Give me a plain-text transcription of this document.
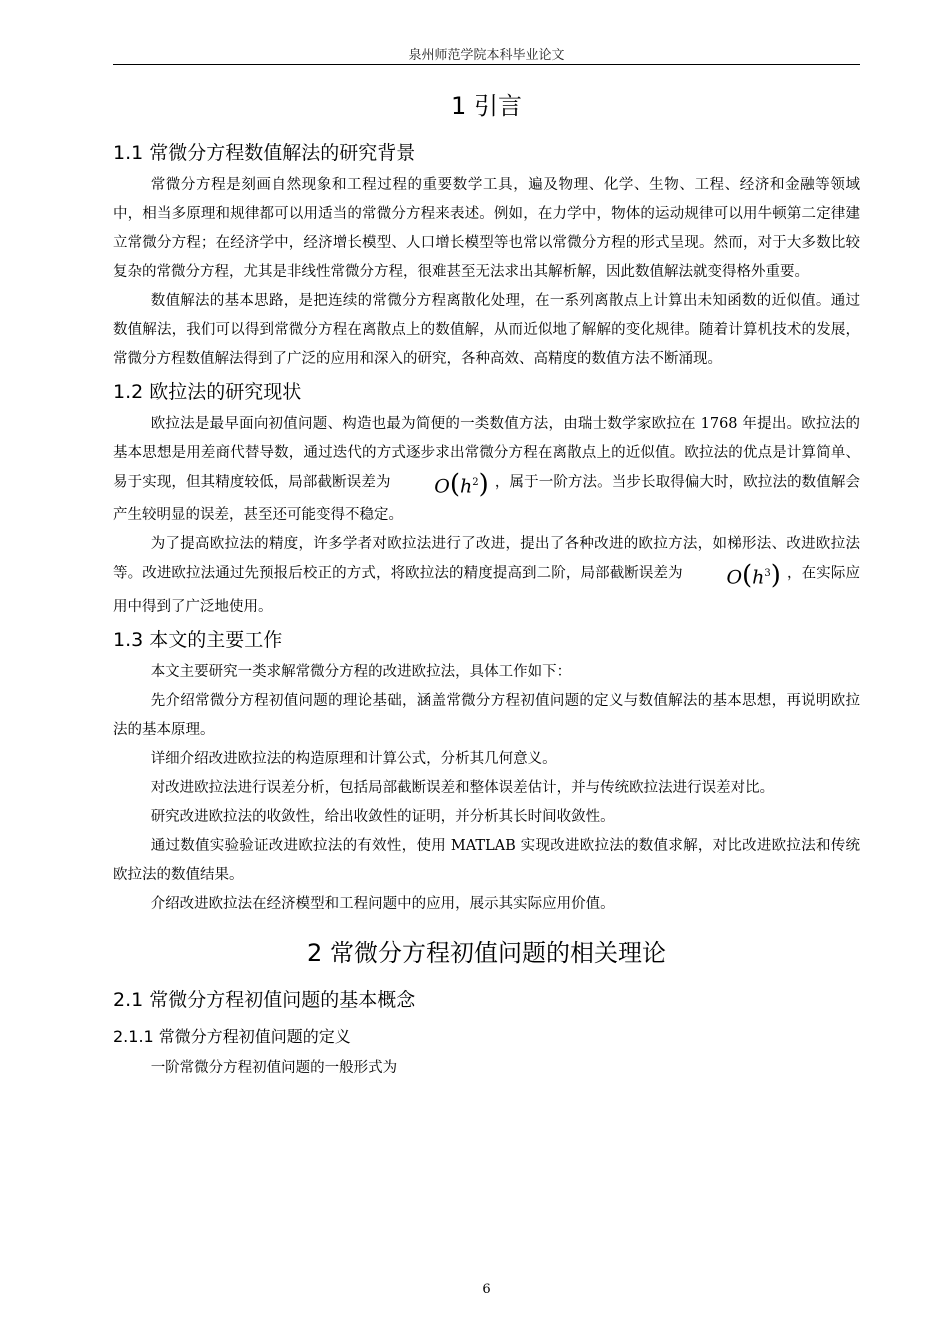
泉州师范学院本科毕业论文
1 引言
1.1 常微分方程数值解法的研究背景

常微分方程是刻画自然现象和工程过程的重要数学工具，遍及物理、化学、生物、工程、经济和金融等领域中，相当多原理和规律都可以用适当的常微分方程来表述。例如，在力学中，物体的运动规律可以用牛顿第二定律建立常微分方程；在经济学中，经济增长模型、人口增长模型等也常以常微分方程的形式呈现。然而，对于大多数比较复杂的常微分方程，尤其是非线性常微分方程，很难甚至无法求出其解析解，因此数值解法就变得格外重要。

数值解法的基本思路，是把连续的常微分方程离散化处理，在一系列离散点上计算出未知函数的近似值。通过数值解法，我们可以得到常微分方程在离散点上的数值解，从而近似地了解解的变化规律。随着计算机技术的发展，常微分方程数值解法得到了广泛的应用和深入的研究，各种高效、高精度的数值方法不断涌现。

1.2 欧拉法的研究现状

欧拉法是最早面向初值问题、构造也最为简便的一类数值方法，由瑞士数学家欧拉在 1768 年提出。欧拉法的基本思想是用差商代替导数，通过迭代的方式逐步求出常微分方程在离散点上的近似值。欧拉法的优点是计算简单、易于实现，但其精度较低，局部截断误差为 $O(h^2)$ ，属于一阶方法。当步长取得偏大时，欧拉法的数值解会产生较明显的误差，甚至还可能变得不稳定。

为了提高欧拉法的精度，许多学者对欧拉法进行了改进，提出了各种改进的欧拉方法，如梯形法、改进欧拉法等。改进欧拉法通过先预报后校正的方式，将欧拉法的精度提高到二阶，局部截断误差为 $O(h^3)$ ，在实际应用中得到了广泛地使用。

1.3 本文的主要工作

本文主要研究一类求解常微分方程的改进欧拉法，具体工作如下：

先介绍常微分方程初值问题的理论基础，涵盖常微分方程初值问题的定义与数值解法的基本思想，再说明欧拉法的基本原理。

详细介绍改进欧拉法的构造原理和计算公式，分析其几何意义。

对改进欧拉法进行误差分析，包括局部截断误差和整体误差估计，并与传统欧拉法进行误差对比。

研究改进欧拉法的收敛性，给出收敛性的证明，并分析其长时间收敛性。

通过数值实验验证改进欧拉法的有效性，使用 MATLAB 实现改进欧拉法的数值求解，对比改进欧拉法和传统欧拉法的数值结果。

介绍改进欧拉法在经济模型和工程问题中的应用，展示其实际应用价值。

2 常微分方程初值问题的相关理论
2.1 常微分方程初值问题的基本概念
2.1.1 常微分方程初值问题的定义

一阶常微分方程初值问题的一般形式为

6
